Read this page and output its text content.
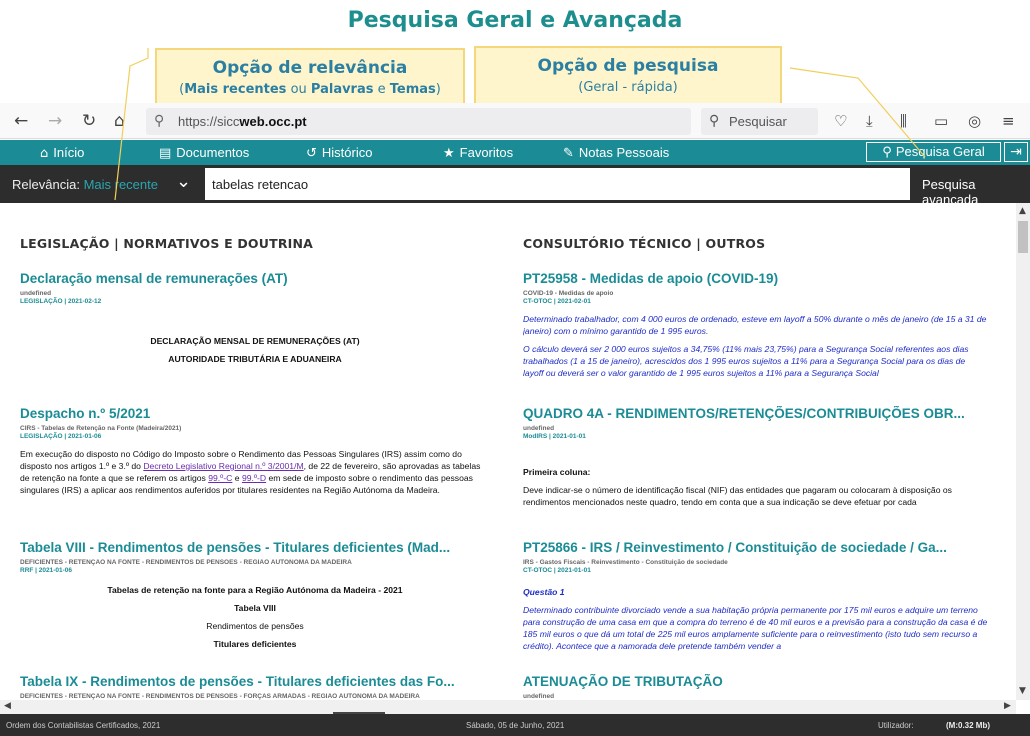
Pesquisa Geral e Avançada
Opção de relevância
(Mais recentes ou Palavras e Temas)
Opção de pesquisa
(Geral - rápida)
← → ↻ ⌂	https://siccweb.occ.pt
⚲	Pesquisar
⚲	♡ ⤓ ⫼ ▭ ◎ ≡
⌂ Início	▤ Documentos	↺ Histórico	★ Favoritos	✎ Notas Pessoais	⚲ Pesquisa Geral	⇥
Relevância: Mais recente ⌄
tabelas retencao	Pesquisa avançada
LEGISLAÇÃO | NORMATIVOS E DOUTRINA
Declaração mensal de remunerações (AT)
undefined
LEGISLAÇÃO | 2021-02-12
DECLARAÇÃO MENSAL DE REMUNERAÇÕES (AT)
AUTORIDADE TRIBUTÁRIA E ADUANEIRA
Despacho n.º 5/2021
CIRS - Tabelas de Retenção na Fonte (Madeira/2021)
LEGISLAÇÃO | 2021-01-06
Em execução do disposto no Código do Imposto sobre o Rendimento das Pessoas Singulares (IRS) assim como do disposto nos artigos 1.º e 3.º do Decreto Legislativo Regional n.º 3/2001/M, de 22 de fevereiro, são aprovadas as tabelas de retenção na fonte a que se referem os artigos 99.º-C e 99.º-D em sede de imposto sobre o rendimento das pessoas singulares (IRS) a aplicar aos rendimentos auferidos por titulares residentes na Região Autónoma da Madeira.
Tabela VIII - Rendimentos de pensões - Titulares deficientes (Mad...
DEFICIENTES - RETENÇÃO NA FONTE - RENDIMENTOS DE PENSOES - REGIÃO AUTONOMA DA MADEIRA
RRF | 2021-01-06
Tabelas de retenção na fonte para a Região Autónoma da Madeira - 2021
Tabela VIII
Rendimentos de pensões
Titulares deficientes
Tabela IX - Rendimentos de pensões - Titulares deficientes das Fo...
DEFICIENTES - RETENÇÃO NA FONTE - RENDIMENTOS DE PENSOES - FORÇAS ARMADAS - REGIÃO AUTONOMA DA MADEIRA
CONSULTÓRIO TÉCNICO | OUTROS
PT25958 - Medidas de apoio (COVID-19)
COVID-19 - Medidas de apoio
CT-OTOC | 2021-02-01
Determinado trabalhador, com 4 000 euros de ordenado, esteve em layoff a 50% durante o mês de janeiro (de 15 a 31 de janeiro) com o mínimo garantido de 1 995 euros.
O cálculo deverá ser 2 000 euros sujeitos a 34,75% (11% mais 23,75%) para a Segurança Social referentes aos dias trabalhados (1 a 15 de janeiro), acrescidos dos 1 995 euros sujeitos a 11% para a Segurança Social para os dias de layoff ou deverá ser o valor garantido de 1 995 euros sujeitos a 11% para a Segurança Social
QUADRO 4A - RENDIMENTOS/RETENÇÕES/CONTRIBUIÇÕES OBR...
undefined
ModIRS | 2021-01-01
Primeira coluna:
Deve indicar-se o número de identificação fiscal (NIF) das entidades que pagaram ou colocaram à disposição os rendimentos mencionados neste quadro, tendo em conta que a sua indicação se deve efetuar por cada
PT25866 - IRS / Reinvestimento / Constituição de sociedade / Ga...
IRS - Gastos Fiscais - Reinvestimento - Constituição de sociedade
CT-OTOC | 2021-01-01
Questão 1
Determinado contribuinte divorciado vende a sua habitação própria permanente por 175 mil euros e adquire um terreno para construção de uma casa em que a compra do terreno é de 40 mil euros e a previsão para a construção da casa é de 185 mil euros o que dá um total de 225 mil euros amplamente suficiente para o reinvestimento (isto tudo sem recurso a crédito). Acontece que a namorada dele pretende também vender a
ATENUAÇÃO DE TRIBUTAÇÃO
undefined
▲
▼
◀	▶
Ordem dos Contabilistas Certificados, 2021	Sábado, 05 de Junho, 2021	Utilizador:	(M:0.32 Mb)
